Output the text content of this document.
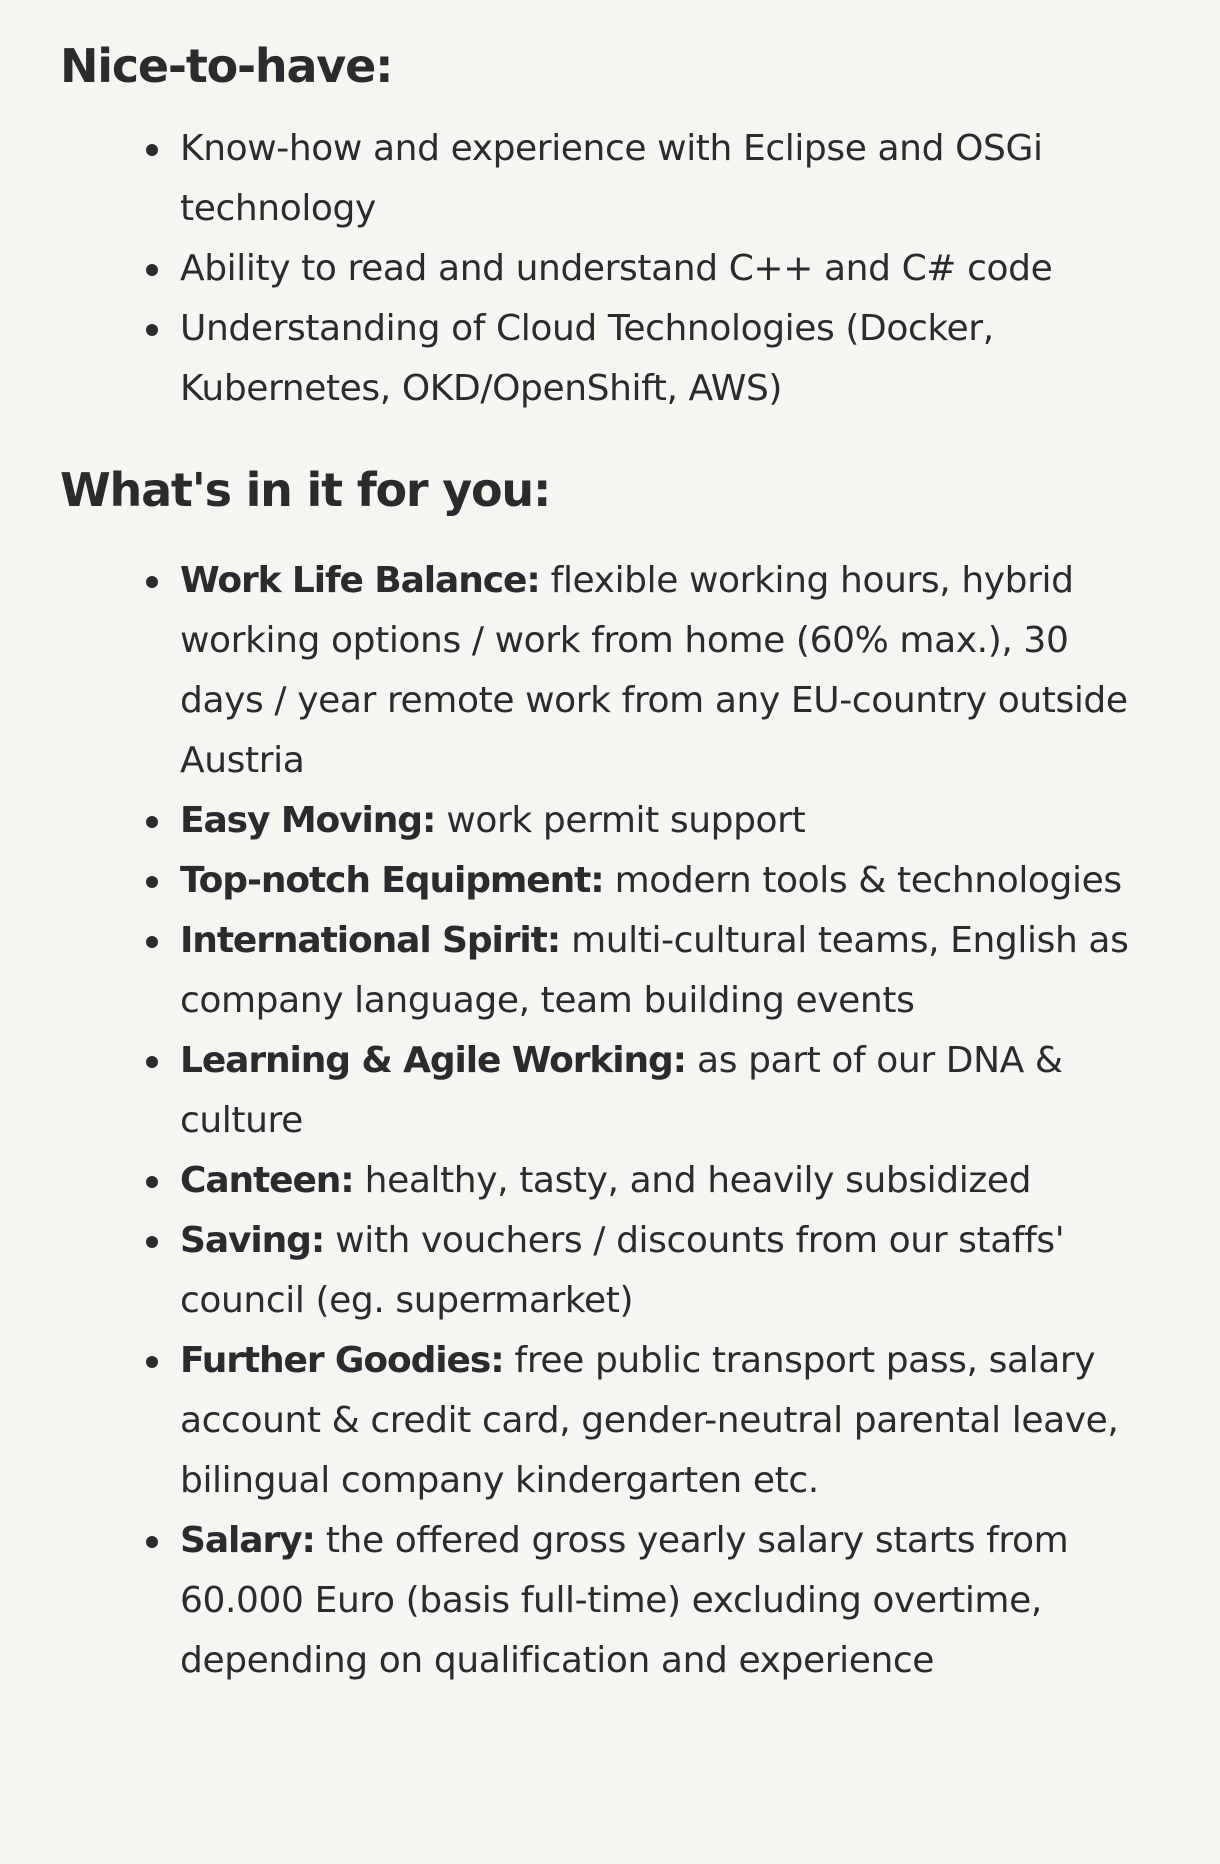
Nice-to-have:
Know-how and experience with Eclipse and OSGi technology
Ability to read and understand C++ and C# code
Understanding of Cloud Technologies (Docker, Kubernetes, OKD/OpenShift, AWS)
What's in it for you:
Work Life Balance: flexible working hours, hybrid working options / work from home (60% max.), 30 days / year remote work from any EU-country outside Austria
Easy Moving: work permit support
Top-notch Equipment: modern tools & technologies
International Spirit: multi-cultural teams, English as company language, team building events
Learning & Agile Working: as part of our DNA & culture
Canteen: healthy, tasty, and heavily subsidized
Saving: with vouchers / discounts from our staffs' council (eg. supermarket)
Further Goodies: free public transport pass, salary account & credit card, gender-neutral parental leave, bilingual company kindergarten etc.
Salary: the offered gross yearly salary starts from 60.000 Euro (basis full-time) excluding overtime, depending on qualification and experience
